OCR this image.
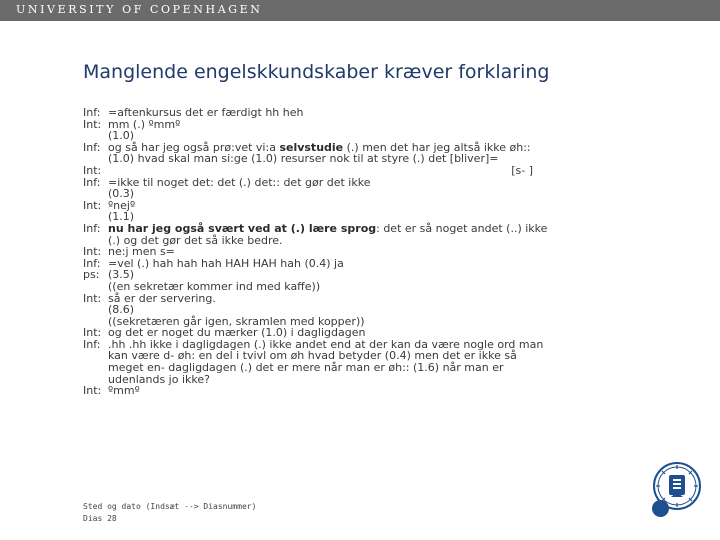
UNIVERSITY OF COPENHAGEN
Manglende engelskkundskaber kræver forklaring
Inf: =aftenkursus det er færdigt hh heh
Int: mm (.) ºmmº
(1.0)
Inf: og så har jeg også prø:vet vi:a selvstudie (.) men det har jeg altså ikke øh::
(1.0) hvad skal man si:ge (1.0) resurser nok til at styre (.) det [bliver]=
Int:	[s- ]
Inf: =ikke til noget det: det (.) det:: det gør det ikke
(0.3)
Int: ºnejº
(1.1)
Inf: nu har jeg også svært ved at (.) lære sprog: det er så noget andet (..) ikke
(.) og det gør det så ikke bedre.
Int: ne:j men s=
Inf: =vel (.) hah hah hah HAH HAH hah (0.4) ja
ps: (3.5)
((en sekretær kommer ind med kaffe))
Int: så er der servering.
(8.6)
((sekretæren går igen, skramlen med kopper))
Int: og det er noget du mærker (1.0) i dagligdagen
Inf: .hh .hh ikke i dagligdagen (.) ikke andet end at der kan da være nogle ord man
kan være d- øh: en del i tvivl om øh hvad betyder (0.4) men det er ikke så
meget en- dagligdagen (.) det er mere når man er øh:: (1.6) når man er
udenlands jo ikke?
Int: ºmmº
Sted og dato (Indsæt --> Diasnummer)
Dias 28
